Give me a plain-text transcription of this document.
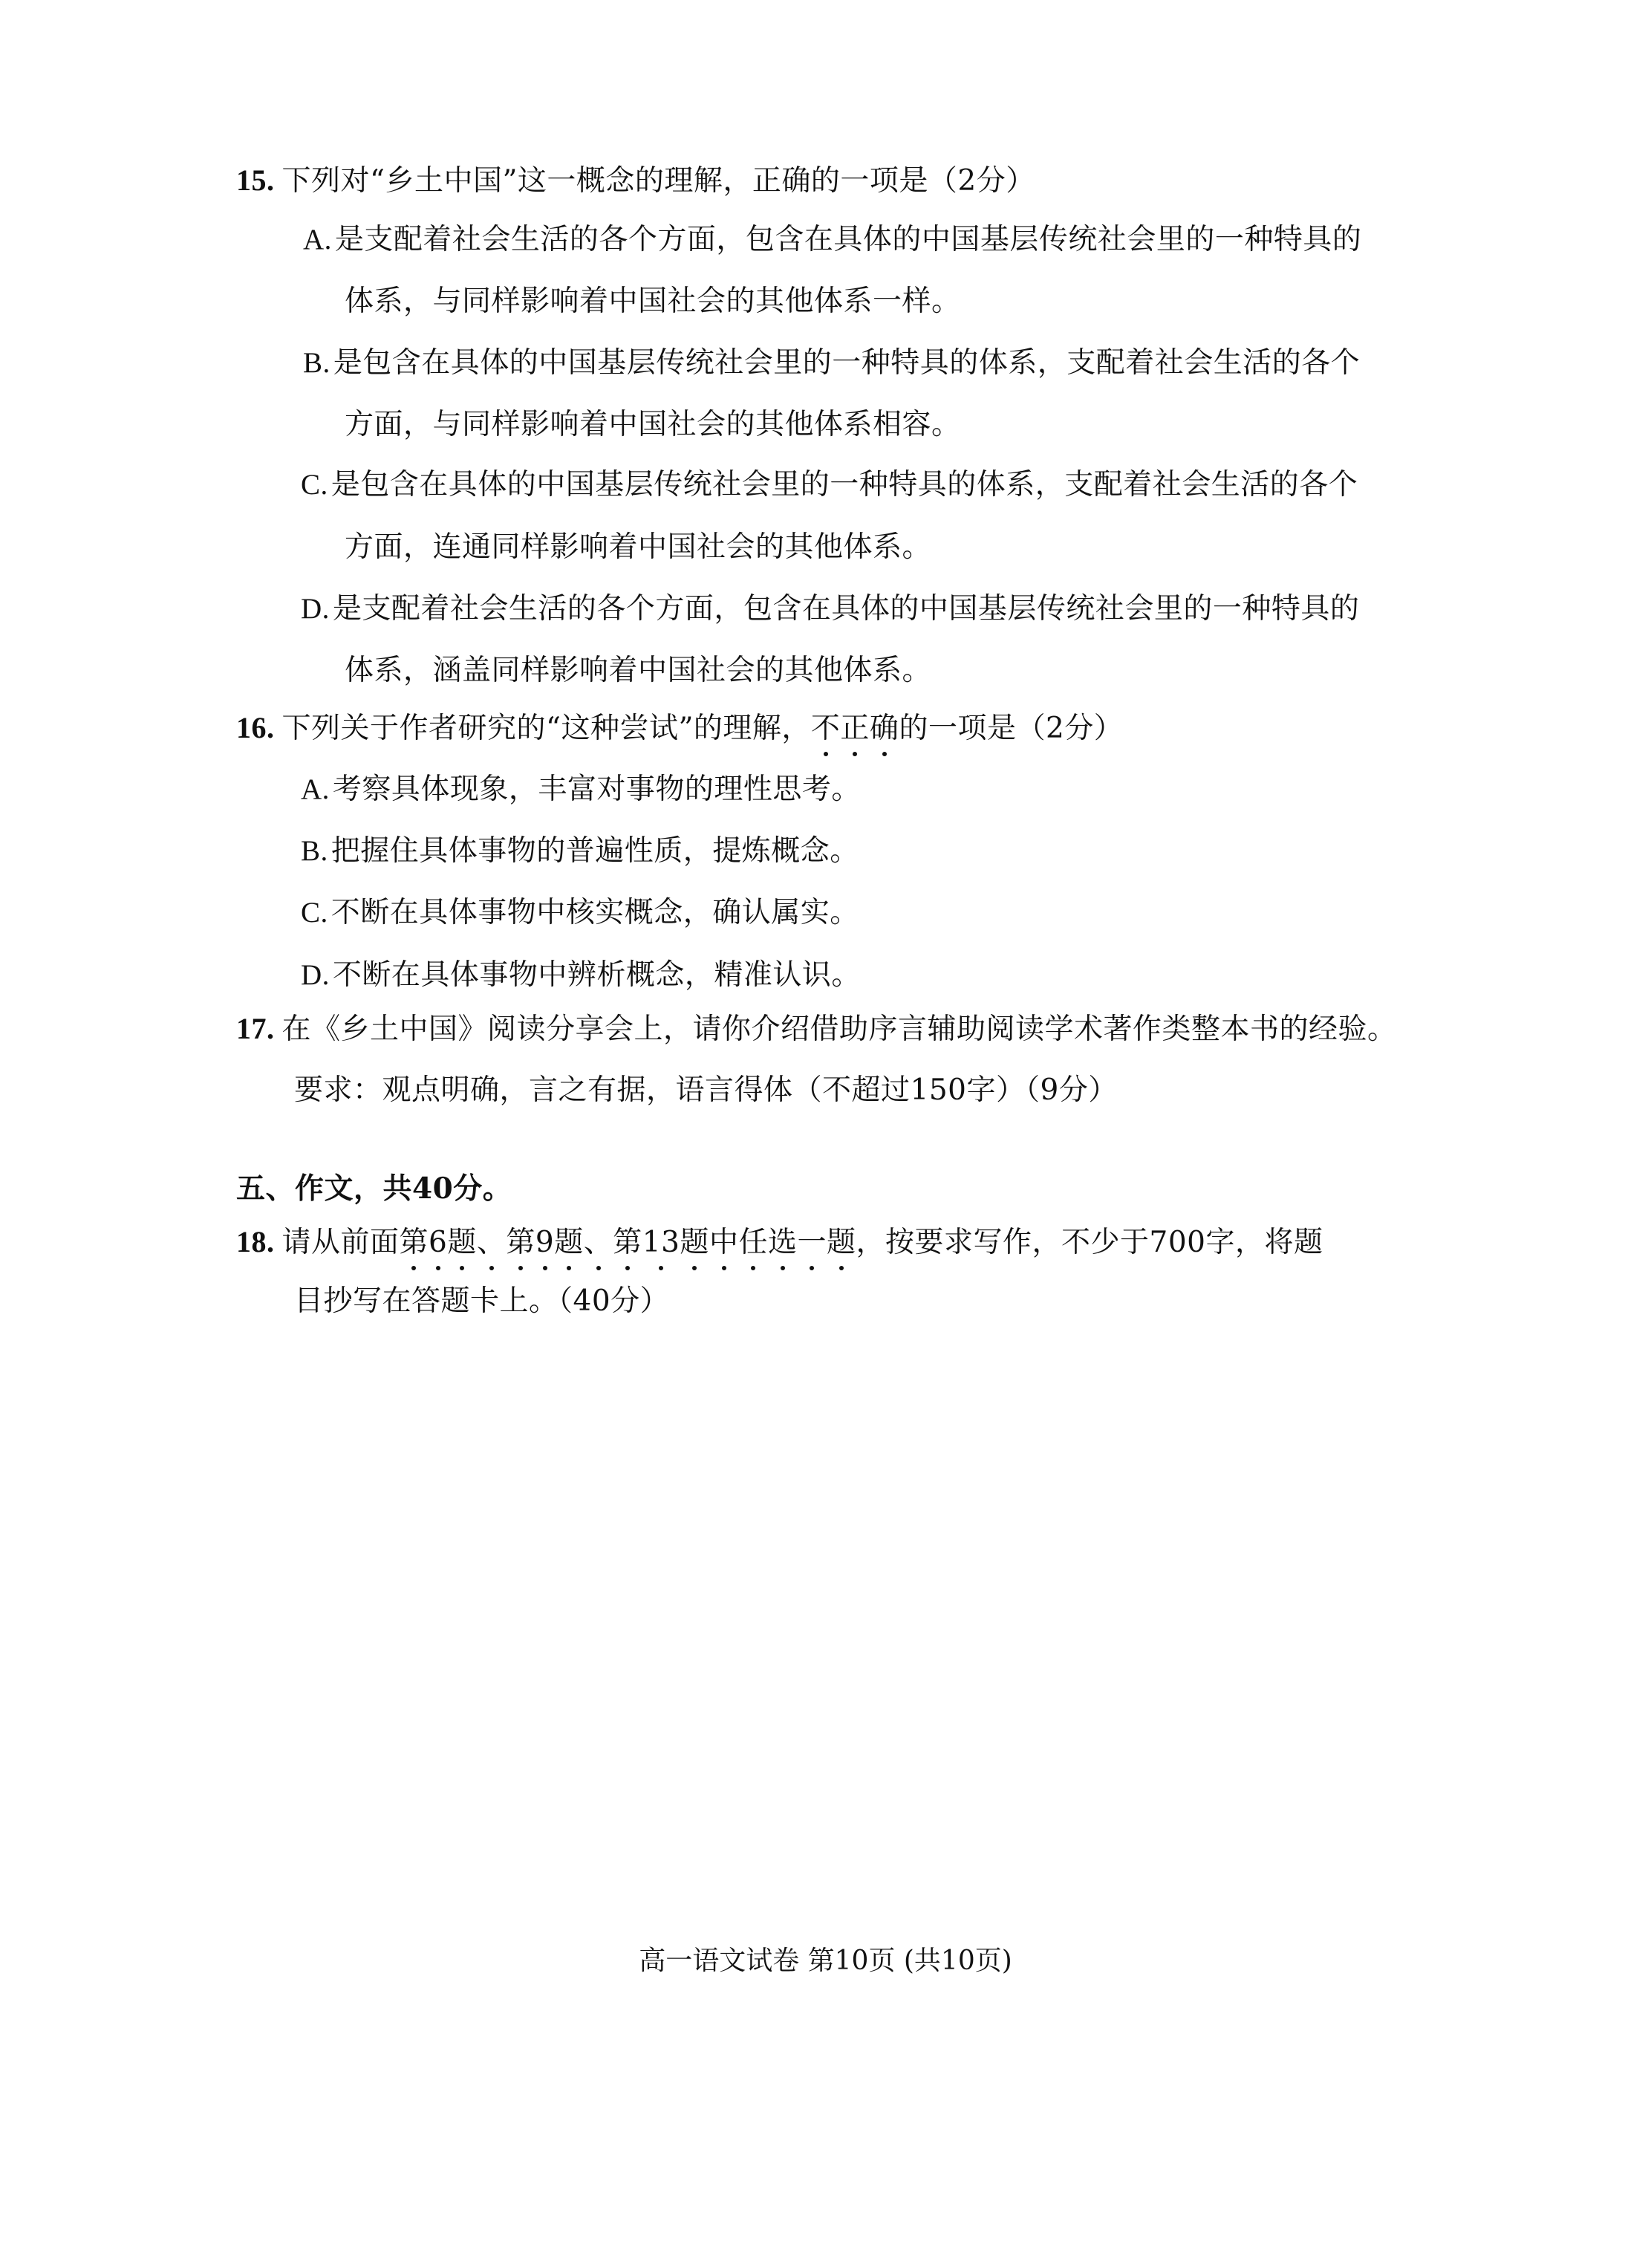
15. 下列对“乡土中国”这一概念的理解，正确的一项是（2分）
A. 是支配着社会生活的各个方面，包含在具体的中国基层传统社会里的一种特具的
体系，与同样影响着中国社会的其他体系一样。
B. 是包含在具体的中国基层传统社会里的一种特具的体系，支配着社会生活的各个
方面，与同样影响着中国社会的其他体系相容。
C. 是包含在具体的中国基层传统社会里的一种特具的体系，支配着社会生活的各个
方面，连通同样影响着中国社会的其他体系。
D. 是支配着社会生活的各个方面，包含在具体的中国基层传统社会里的一种特具的
体系，涵盖同样影响着中国社会的其他体系。
16. 下列关于作者研究的“这种尝试”的理解，不正确的一项是（2分）
A. 考察具体现象，丰富对事物的理性思考。
B. 把握住具体事物的普遍性质，提炼概念。
C. 不断在具体事物中核实概念，确认属实。
D. 不断在具体事物中辨析概念，精准认识。
17. 在《乡土中国》阅读分享会上，请你介绍借助序言辅助阅读学术著作类整本书的经验。
要求：观点明确，言之有据，语言得体（不超过150字）（9分）
五、作文，共40分。
18. 请从前面第6题、第9题、第13题中任选一题，按要求写作，不少于700字，将题
目抄写在答题卡上。（40分）
高一语文试卷 第10页 (共10页)
